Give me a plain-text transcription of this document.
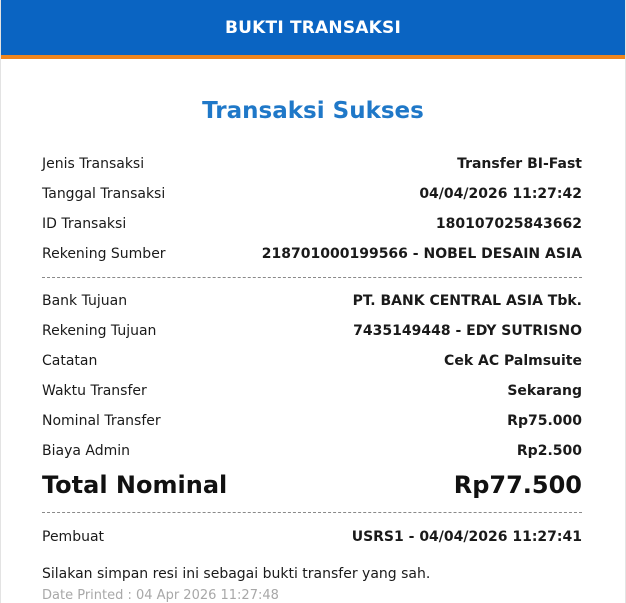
BUKTI TRANSAKSI
Transaksi Sukses
Jenis Transaksi	Transfer BI-Fast
Tanggal Transaksi	04/04/2026 11:27:42
ID Transaksi	180107025843662
Rekening Sumber	218701000199566 - NOBEL DESAIN ASIA
Bank Tujuan	PT. BANK CENTRAL ASIA Tbk.
Rekening Tujuan	7435149448 - EDY SUTRISNO
Catatan	Cek AC Palmsuite
Waktu Transfer	Sekarang
Nominal Transfer	Rp75.000
Biaya Admin	Rp2.500
Total Nominal	Rp77.500
Pembuat	USRS1 - 04/04/2026 11:27:41
Silakan simpan resi ini sebagai bukti transfer yang sah.
Date Printed : 04 Apr 2026 11:27:48
